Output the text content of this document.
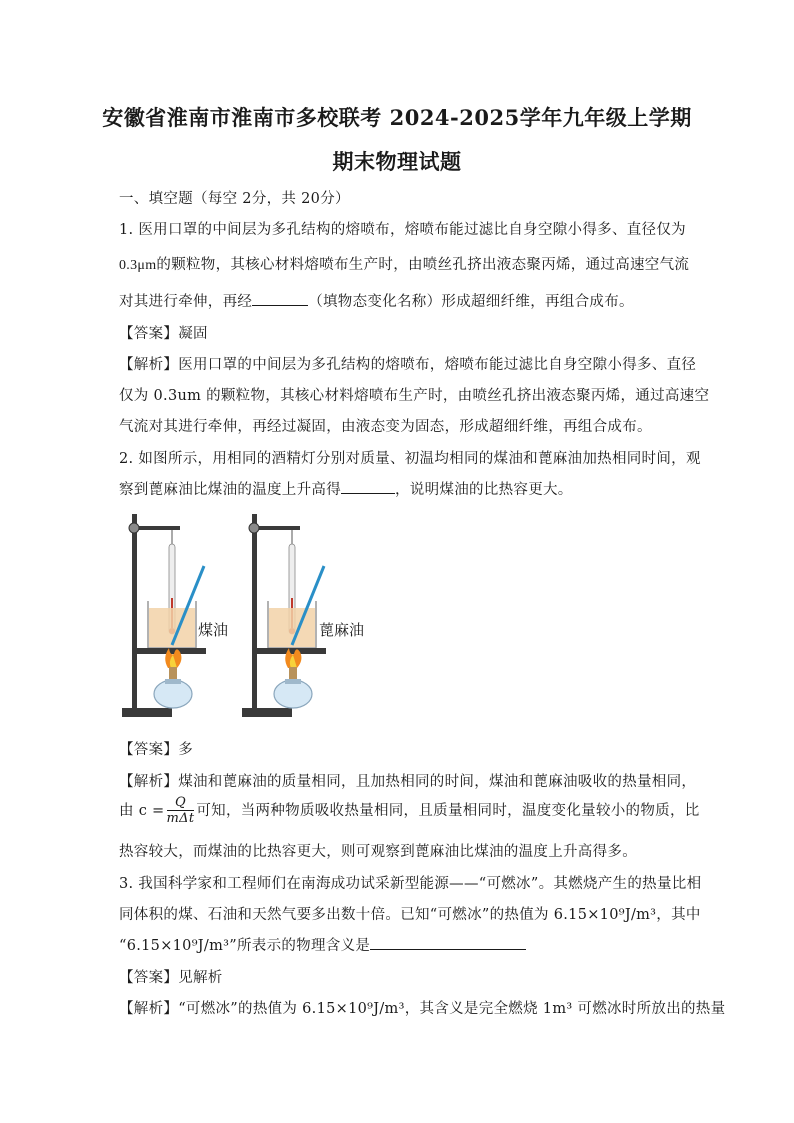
安徽省淮南市淮南市多校联考 2024-2025学年九年级上学期
期末物理试题
一、填空题（每空 2分，共 20分）
1. 医用口罩的中间层为多孔结构的熔喷布，熔喷布能过滤比自身空隙小得多、直径仅为
0.3μm的颗粒物，其核心材料熔喷布生产时，由喷丝孔挤出液态聚丙烯，通过高速空气流
对其进行牵伸，再经	（填物态变化名称）形成超细纤维，再组合成布。
【答案】凝固
【解析】医用口罩的中间层为多孔结构的熔喷布，熔喷布能过滤比自身空隙小得多、直径
仅为 0.3um 的颗粒物，其核心材料熔喷布生产时，由喷丝孔挤出液态聚丙烯，通过高速空
气流对其进行牵伸，再经过凝固，由液态变为固态，形成超细纤维，再组合成布。
2. 如图所示，用相同的酒精灯分别对质量、初温均相同的煤油和蓖麻油加热相同时间，观
察到蓖麻油比煤油的温度上升高得	，说明煤油的比热容更大。
煤油	蓖麻油
【答案】多
【解析】煤油和蓖麻油的质量相同，且加热相同的时间，煤油和蓖麻油吸收的热量相同，
由 $c = \frac{Q}{\text{mΔt}}$ 可知，当两种物质吸收热量相同，且质量相同时，温度变化量较小的物质，比
热容较大，而煤油的比热容更大，则可观察到蓖麻油比煤油的温度上升高得多。
3. 我国科学家和工程师们在南海成功试采新型能源——“可燃冰”。其燃烧产生的热量比相
同体积的煤、石油和天然气要多出数十倍。已知“可燃冰”的热值为 6.15×10⁹J/m³，其中
“6.15×10⁹J/m³”所表示的物理含义是
【答案】见解析
【解析】“可燃冰”的热值为 6.15×10⁹J/m³，其含义是完全燃烧 1m³ 可燃冰时所放出的热量
